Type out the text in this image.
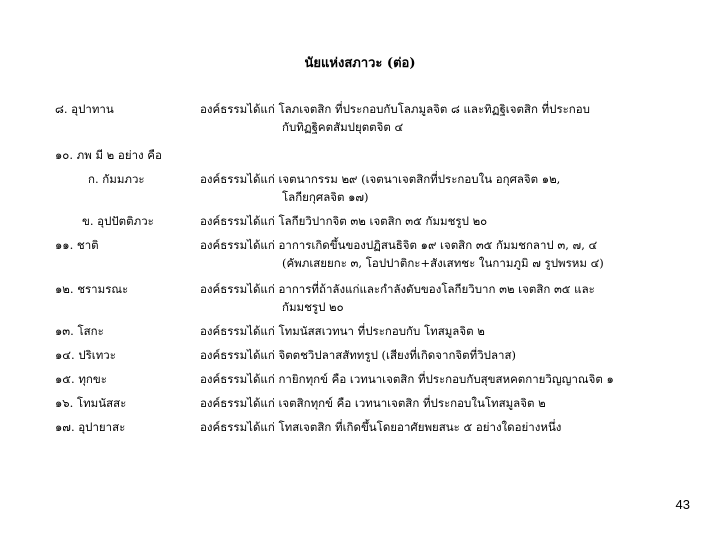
นัยแห่งสภาวะ (ต่อ)
๘. อุปาทาน	องค์ธรรมได้แก่ โลภเจตสิก ที่ประกอบกับโลภมูลจิต ๘ และทิฏฐิเจตสิก ที่ประกอบ
กับทิฏฐิคตสัมปยุตตจิต ๔
๑๐. ภพ มี ๒ อย่าง คือ
ก. กัมมภวะ	องค์ธรรมได้แก่ เจตนากรรม ๒๙ (เจตนาเจตสิกที่ประกอบใน อกุศลจิต ๑๒,
โลกียกุศลจิต ๑๗)
ข. อุปปัตติภวะ	องค์ธรรมได้แก่ โลกียวิปากจิต ๓๒ เจตสิก ๓๕ กัมมชรูป ๒๐
๑๑. ชาติ	องค์ธรรมได้แก่ อาการเกิดขึ้นของปฏิสนธิจิต ๑๙ เจตสิก ๓๕ กัมมชกลาป ๓, ๗, ๔
(คัพภเสยยกะ ๓, โอปปาติกะ+สังเสทชะ ในกามภูมิ ๗ รูปพรหม ๔)
๑๒. ชรามรณะ	องค์ธรรมได้แก่ อาการที่ถ้าลังแก่และกำลังดับของโลกียวิบาก ๓๒ เจตสิก ๓๕ และ
กัมมชรูป ๒๐
๑๓. โสกะ	องค์ธรรมได้แก่ โทมนัสสเวทนา ที่ประกอบกับ โทสมูลจิต ๒
๑๔. ปริเทวะ	องค์ธรรมได้แก่ จิตตชวิปลาสสัททรูป (เสียงที่เกิดจากจิตที่วิปลาส)
๑๕. ทุกขะ	องค์ธรรมได้แก่ กายิกทุกข์ คือ เวทนาเจตสิก ที่ประกอบกับสุขสหคตกายวิญญาณจิต ๑
๑๖. โทมนัสสะ	องค์ธรรมได้แก่ เจตสิกทุกข์ คือ เวทนาเจตสิก ที่ประกอบในโทสมูลจิต ๒
๑๗. อุปายาสะ	องค์ธรรมได้แก่ โทสเจตสิก ที่เกิดขึ้นโดยอาศัยพยสนะ ๕ อย่างใดอย่างหนึ่ง
43
